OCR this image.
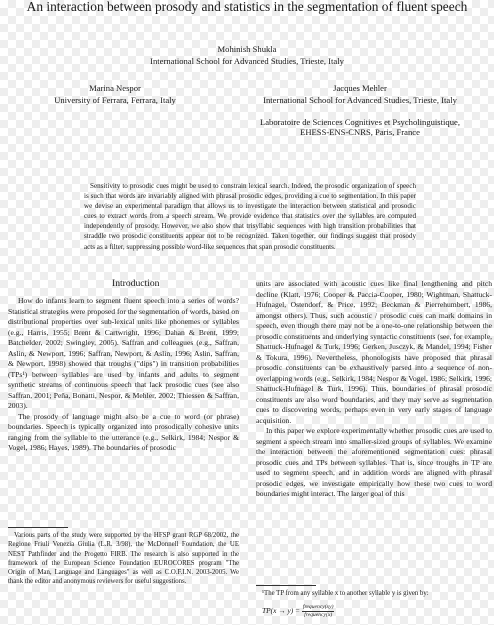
An interaction between prosody and statistics in the segmentation of fluent speech
Mohinish Shukla
International School for Advanced Studies, Trieste, Italy
Marina Nespor
University of Ferrara, Ferrara, Italy
Jacques Mehler
International School for Advanced Studies, Trieste, Italy
Laboratoire de Sciences Cognitives et Psycholinguistique, EHESS-ENS-CNRS, Paris, France

Sensitivity to prosodic cues might be used to constrain lexical search. Indeed, the prosodic organization of speech is such that words are invariably aligned with phrasal prosodic edges, providing a cue to segmentation. In this paper we devise an experimental paradigm that allows us to investigate the interaction between statistical and prosodic cues to extract words from a speech stream. We provide evidence that statistics over the syllables are computed independently of prosody. However, we also show that trisyllabic sequences with high transition probabilities that straddle two prosodic constituents appear not to be recognized. Taken together, our findings suggest that prosody acts as a filter, suppressing possible word-like sequences that span prosodic constituents.

Introduction

How do infants learn to segment fluent speech into a series of words? Statistical strategies were proposed for the segmentation of words, based on distributional properties over sub-lexical units like phonemes or syllables (e.g., Harris, 1955; Brent & Cartwright, 1996; Dahan & Brent, 1999; Batchelder, 2002; Swingley, 2005). Saffran and colleagues (e.g., Saffran, Aslin, & Newport, 1996; Saffran, Newport, & Aslin, 1996; Aslin, Saffran, & Newport, 1998) showed that troughs ("dips") in transition probabilities (TPs¹) between syllables are used by infants and adults to segment synthetic streams of continuous speech that lack prosodic cues (see also Saffran, 2001; Peña, Bonatti, Nespor, & Mehler, 2002; Thiessen & Saffran, 2003).

The prosody of language might also be a cue to word (or phrase) boundaries. Speech is typically organized into prosodically cohesive units ranging from the syllable to the utterance (e.g., Selkirk, 1984; Nespor & Vogel, 1986; Hayes, 1989). The boundaries of prosodic

units are associated with acoustic cues like final lengthening and pitch decline (Klatt, 1976; Cooper & Paccia-Cooper, 1980; Wightman, Shattuck-Hufnagel, Ostendorf, & Price, 1992; Beckman & Pierrehumbert, 1986, amongst others). Thus, such acoustic / prosodic cues can mark domains in speech, even though there may not be a one-to-one relationship between the prosodic constituents and underlying syntactic constituents (see, for example, Shattuck-Hufnagel & Turk, 1996; Gerken, Jusczyk, & Mandel, 1994; Fisher & Tokura, 1996). Nevertheless, phonologists have proposed that phrasal prosodic constituents can be exhaustively parsed into a sequence of non-overlapping words (e.g., Selkirk, 1984; Nespor & Vogel, 1986; Selkirk, 1996; Shattuck-Hufnagel & Turk, 1996). Thus, boundaries of phrasal prosodic constituents are also word boundaries, and they may serve as segmentation cues to discovering words, perhaps even in very early stages of language acquisition.

In this paper we explore experimentally whether prosodic cues are used to segment a speech stream into smaller-sized groups of syllables. We examine the interaction between the aforementioned segmentation cues: phrasal prosodic cues and TPs between syllables. That is, since troughs in TP are used to segment speech, and in addition words are aligned with phrasal prosodic edges, we investigate empirically how these two cues to word boundaries might interact. The larger goal of this

Various parts of the study were supported by the HFSP grant RGP 68/2002, the Regione Friuli Venezia Giulia (L.R. 3/98), the McDonnell Foundation, the UE NEST Pathfinder and the Progetto FIRB. The research is also supported in the framework of the European Science Foundation EUROCORES program "The Origin of Man, Language and Languages" as well as C.O.F.I.N. 2003-2005. We thank the editor and anonymous reviewers for useful suggestions.

¹The TP from any syllable x to another syllable y is given by:

$TP(x \to y) = \frac{\text{frequency(xy)}}{\text{frequency(x)}}$
